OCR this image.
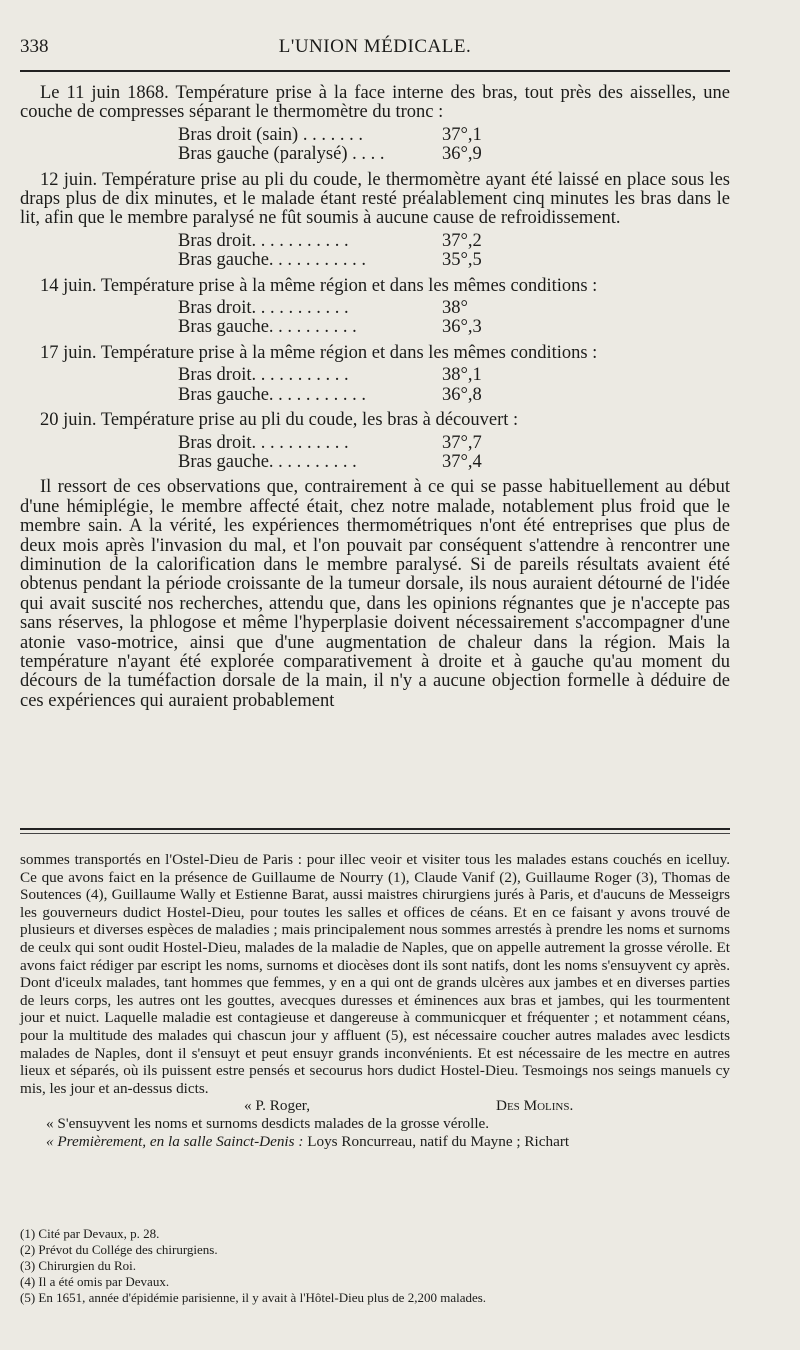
338	L'UNION MÉDICALE.

Le 11 juin 1868. Température prise à la face interne des bras, tout près des aisselles, une couche de compresses séparant le thermomètre du tronc :

Bras droit (sain) . . . . . . .	37°,1
Bras gauche (paralysé) . . . .	36°,9

12 juin. Température prise au pli du coude, le thermomètre ayant été laissé en place sous les draps plus de dix minutes, et le malade étant resté préalablement cinq minutes les bras dans le lit, afin que le membre paralysé ne fût soumis à aucune cause de refroidissement.

Bras droit. . . . . . . . . . .	37°,2
Bras gauche. . . . . . . . . . .	35°,5

14 juin. Température prise à la même région et dans les mêmes conditions :

Bras droit. . . . . . . . . . .	38°
Bras gauche. . . . . . . . . .	36°,3

17 juin. Température prise à la même région et dans les mêmes conditions :

Bras droit. . . . . . . . . . .	38°,1
Bras gauche. . . . . . . . . . .	36°,8

20 juin. Température prise au pli du coude, les bras à découvert :

Bras droit. . . . . . . . . . .	37°,7
Bras gauche. . . . . . . . . .	37°,4

Il ressort de ces observations que, contrairement à ce qui se passe habituellement au début d'une hémiplégie, le membre affecté était, chez notre malade, notablement plus froid que le membre sain. A la vérité, les expériences thermométriques n'ont été entreprises que plus de deux mois après l'invasion du mal, et l'on pouvait par conséquent s'attendre à rencontrer une diminution de la calorification dans le membre paralysé. Si de pareils résultats avaient été obtenus pendant la période croissante de la tumeur dorsale, ils nous auraient détourné de l'idée qui avait suscité nos recherches, attendu que, dans les opinions régnantes que je n'accepte pas sans réserves, la phlogose et même l'hyperplasie doivent nécessairement s'accompagner d'une atonie vaso-motrice, ainsi que d'une augmentation de chaleur dans la région. Mais la température n'ayant été explorée comparativement à droite et à gauche qu'au moment du décours de la tuméfaction dorsale de la main, il n'y a aucune objection formelle à déduire de ces expériences qui auraient probablement

sommes transportés en l'Ostel-Dieu de Paris : pour illec veoir et visiter tous les malades estans couchés en icelluy. Ce que avons faict en la présence de Guillaume de Nourry (1), Claude Vanif (2), Guillaume Roger (3), Thomas de Soutences (4), Guillaume Wally et Estienne Barat, aussi maistres chirurgiens jurés à Paris, et d'aucuns de Messeigrs les gouverneurs dudict Hostel-Dieu, pour toutes les salles et offices de céans. Et en ce faisant y avons trouvé de plusieurs et diverses espèces de maladies ; mais principalement nous sommes arrestés à prendre les noms et surnoms de ceulx qui sont oudit Hostel-Dieu, malades de la maladie de Naples, que on appelle autrement la grosse vérolle. Et avons faict rédiger par escript les noms, surnoms et diocèses dont ils sont natifs, dont les noms s'ensuyvent cy après. Dont d'iceulx malades, tant hommes que femmes, y en a qui ont de grands ulcères aux jambes et en diverses parties de leurs corps, les autres ont les gouttes, avecques duresses et éminences aux bras et jambes, qui les tourmentent jour et nuict. Laquelle maladie est contagieuse et dangereuse à communicquer et fréquenter ; et notamment céans, pour la multitude des malades qui chascun jour y affluent (5), est nécessaire coucher autres malades avec lesdicts malades de Naples, dont il s'ensuyt et peut ensuyr grands inconvénients. Et est nécessaire de les mectre en autres lieux et séparés, où ils puissent estre pensés et secourus hors dudict Hostel-Dieu. Tesmoings nos seings manuels cy mis, les jour et an-dessus dicts.

« P. Roger,	Des Molins.

« S'ensuyvent les noms et surnoms desdicts malades de la grosse vérolle.

« Premièrement, en la salle Sainct-Denis : Loys Roncurreau, natif du Mayne ; Richart

(1) Cité par Devaux, p. 28.
(2) Prévot du Collége des chirurgiens.
(3) Chirurgien du Roi.
(4) Il a été omis par Devaux.
(5) En 1651, année d'épidémie parisienne, il y avait à l'Hôtel-Dieu plus de 2,200 malades.
